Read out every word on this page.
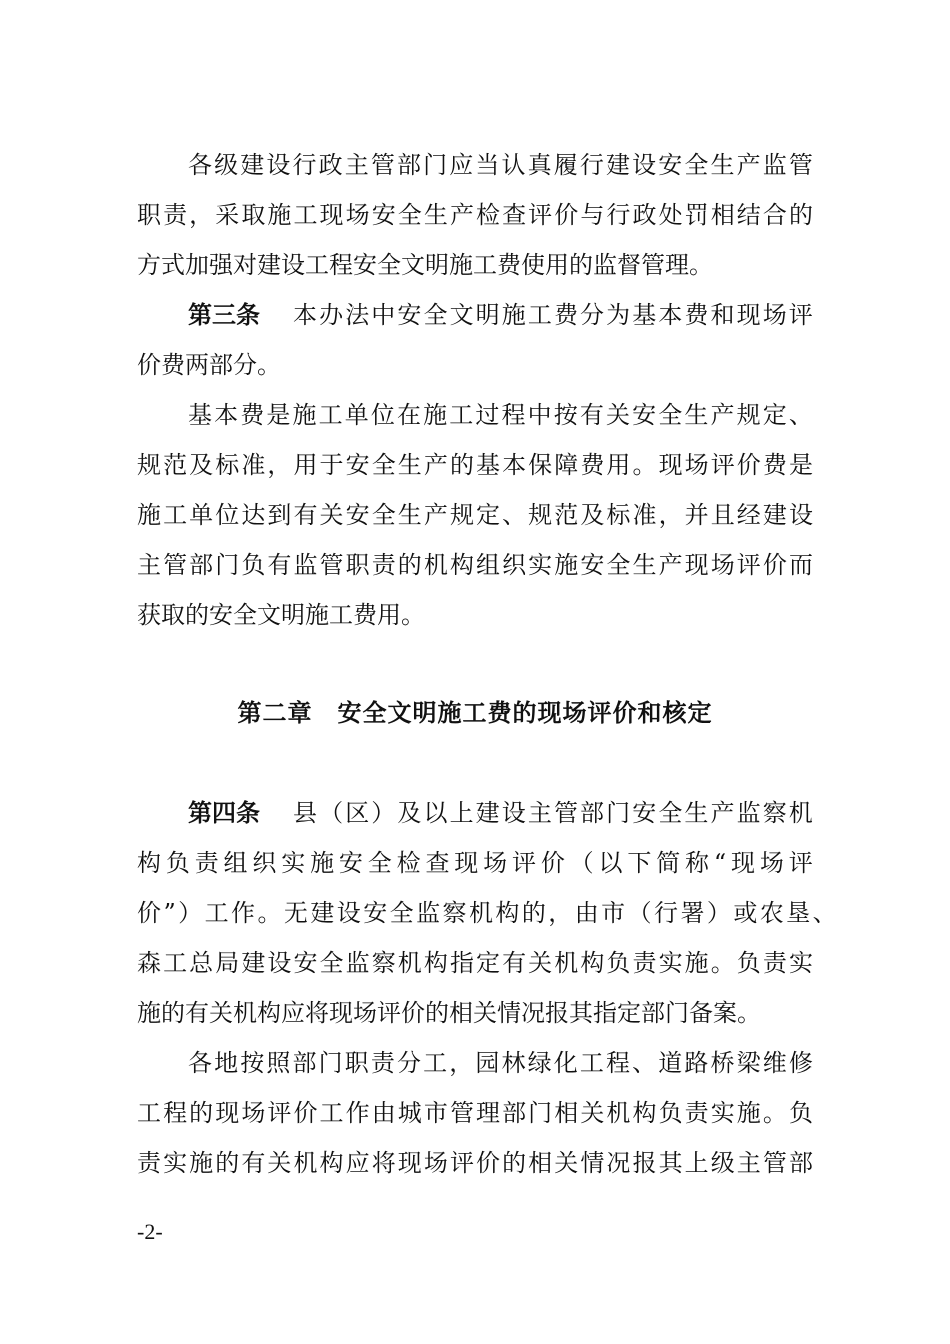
各 级 建 设 行 政 主 管 部 门 应 当 认 真 履 行 建 设 安 全 生 产 监 管
职 责 ， 采 取 施 工 现 场 安 全 生 产 检 查 评 价 与 行 政 处 罚 相 结 合 的
方式加强对建设工程安全文明施工费使用的监督管理。
第三条 本 办 法 中 安 全 文 明 施 工 费 分 为 基 本 费 和 现 场 评
价费两部分。
基 本 费 是 施 工 单 位 在 施 工 过 程 中 按 有 关 安 全 生 产 规 定 、
规 范 及 标 准 ， 用 于 安 全 生 产 的 基 本 保 障 费 用 。 现 场 评 价 费 是
施 工 单 位 达 到 有 关 安 全 生 产 规 定 、 规 范 及 标 准 ， 并 且 经 建 设
主 管 部 门 负 有 监 管 职 责 的 机 构 组 织 实 施 安 全 生 产 现 场 评 价 而
获取的安全文明施工费用。
第二章　安全文明施工费的现场评价和核定
第四条 县 （ 区 ） 及 以 上 建 设 主 管 部 门 安 全 生 产 监 察 机
构 负 责 组 织 实 施 安 全 检 查 现 场 评 价 （ 以 下 简 称 “ 现 场 评
价 ” ） 工 作 。 无 建 设 安 全 监 察 机 构 的 ， 由 市 （ 行 署 ） 或 农 垦 、
森 工 总 局 建 设 安 全 监 察 机 构 指 定 有 关 机 构 负 责 实 施 。 负 责 实
施的有关机构应将现场评价的相关情况报其指定部门备案。
各 地 按 照 部 门 职 责 分 工 ， 园 林 绿 化 工 程 、 道 路 桥 梁 维 修
工 程 的 现 场 评 价 工 作 由 城 市 管 理 部 门 相 关 机 构 负 责 实 施 。 负
责 实 施 的 有 关 机 构 应 将 现 场 评 价 的 相 关 情 况 报 其 上 级 主 管 部
-2-
